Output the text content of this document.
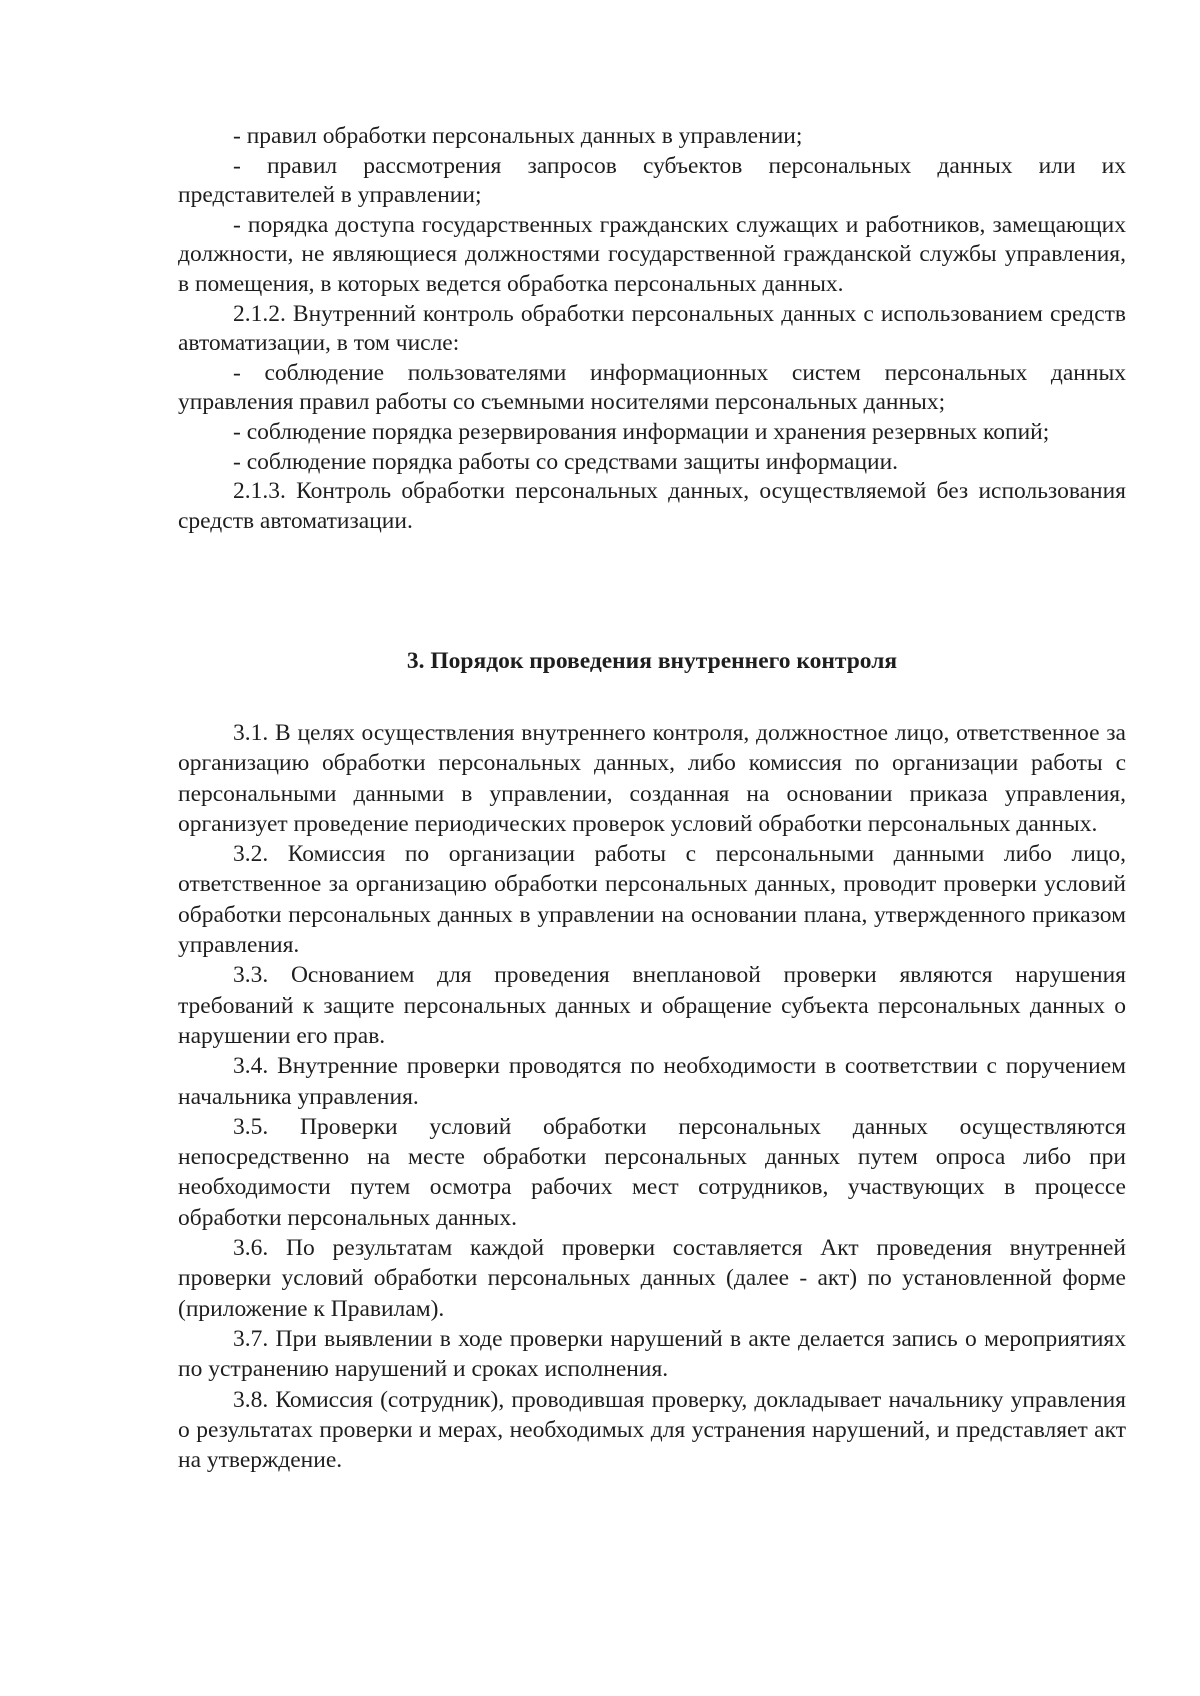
- правил обработки персональных данных в управлении;

- правил рассмотрения запросов субъектов персональных данных или их представителей в управлении;

- порядка доступа государственных гражданских служащих и работников, замещающих должности, не являющиеся должностями государственной гражданской службы управления, в помещения, в которых ведется обработка персональных данных.

2.1.2. Внутренний контроль обработки персональных данных с использованием средств автоматизации, в том числе:

- соблюдение пользователями информационных систем персональных данных управления правил работы со съемными носителями персональных данных;

- соблюдение порядка резервирования информации и хранения резервных копий;

- соблюдение порядка работы со средствами защиты информации.

2.1.3. Контроль обработки персональных данных, осуществляемой без использования средств автоматизации.

3. Порядок проведения внутреннего контроля

3.1. В целях осуществления внутреннего контроля, должностное лицо, ответственное за организацию обработки персональных данных, либо комиссия по организации работы с персональными данными в управлении, созданная на основании приказа управления, организует проведение периодических проверок условий обработки персональных данных.

3.2. Комиссия по организации работы с персональными данными либо лицо, ответственное за организацию обработки персональных данных, проводит проверки условий обработки персональных данных в управлении на основании плана, утвержденного приказом управления.

3.3. Основанием для проведения внеплановой проверки являются нарушения требований к защите персональных данных и обращение субъекта персональных данных о нарушении его прав.

3.4. Внутренние проверки проводятся по необходимости в соответствии с поручением начальника управления.

3.5. Проверки условий обработки персональных данных осуществляются непосредственно на месте обработки персональных данных путем опроса либо при необходимости путем осмотра рабочих мест сотрудников, участвующих в процессе обработки персональных данных.

3.6. По результатам каждой проверки составляется Акт проведения внутренней проверки условий обработки персональных данных (далее - акт) по установленной форме (приложение к Правилам).

3.7. При выявлении в ходе проверки нарушений в акте делается запись о мероприятиях по устранению нарушений и сроках исполнения.

3.8. Комиссия (сотрудник), проводившая проверку, докладывает начальнику управления о результатах проверки и мерах, необходимых для устранения нарушений, и представляет акт на утверждение.
